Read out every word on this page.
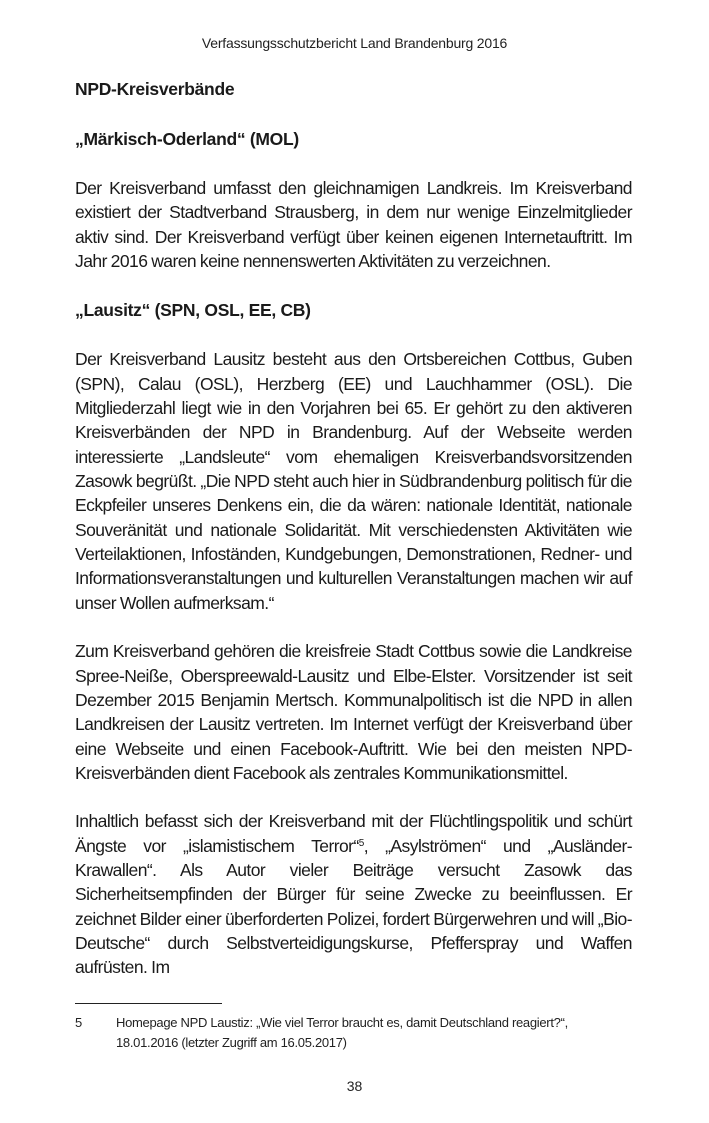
Verfassungsschutzbericht Land Brandenburg 2016
NPD-Kreisverbände
„Märkisch-Oderland“ (MOL)

Der Kreisverband umfasst den gleichnamigen Landkreis. Im Kreisverband existiert der Stadtverband Strausberg, in dem nur wenige Einzelmitglieder aktiv sind. Der Kreisverband verfügt über keinen eigenen Internetauftritt. Im Jahr 2016 waren keine nennenswerten Aktivitäten zu verzeichnen.

„Lausitz“ (SPN, OSL, EE, CB)

Der Kreisverband Lausitz besteht aus den Ortsbereichen Cottbus, Guben (SPN), Calau (OSL), Herzberg (EE) und Lauchhammer (OSL). Die Mitgliederzahl liegt wie in den Vorjahren bei 65. Er gehört zu den aktiveren Kreisverbänden der NPD in Brandenburg. Auf der Webseite werden interessierte „Landsleute“ vom ehemaligen Kreisverbandsvorsitzenden Zasowk begrüßt. „Die NPD steht auch hier in Südbrandenburg politisch für die Eckpfeiler unseres Denkens ein, die da wären: nationale Identität, nationale Souveränität und nationale Solidarität. Mit verschiedensten Aktivitäten wie Verteilaktionen, Infoständen, Kundgebungen, Demonstrationen, Redner- und Informationsveranstaltungen und kulturellen Veranstaltungen machen wir auf unser Wollen aufmerksam.“

Zum Kreisverband gehören die kreisfreie Stadt Cottbus sowie die Landkreise Spree-Neiße, Oberspreewald-Lausitz und Elbe-Elster. Vorsitzender ist seit Dezember 2015 Benjamin Mertsch. Kommunalpolitisch ist die NPD in allen Landkreisen der Lausitz vertreten. Im Internet verfügt der Kreisverband über eine Webseite und einen Facebook-Auftritt. Wie bei den meisten NPD-Kreisverbänden dient Facebook als zentrales Kommunikationsmittel.

Inhaltlich befasst sich der Kreisverband mit der Flüchtlingspolitik und schürt Ängste vor „islamistischem Terror“$^5$, „Asylströmen“ und „Ausländer-Krawallen“. Als Autor vieler Beiträge versucht Zasowk das Sicherheitsempfinden der Bürger für seine Zwecke zu beeinflussen. Er zeichnet Bilder einer überforderten Polizei, fordert Bürgerwehren und will „Bio-Deutsche“ durch Selbstverteidigungskurse, Pfefferspray und Waffen aufrüsten. Im

5	Homepage NPD Laustiz: „Wie viel Terror braucht es, damit Deutschland reagiert?“,
18.01.2016 (letzter Zugriff am 16.05.2017)
38
